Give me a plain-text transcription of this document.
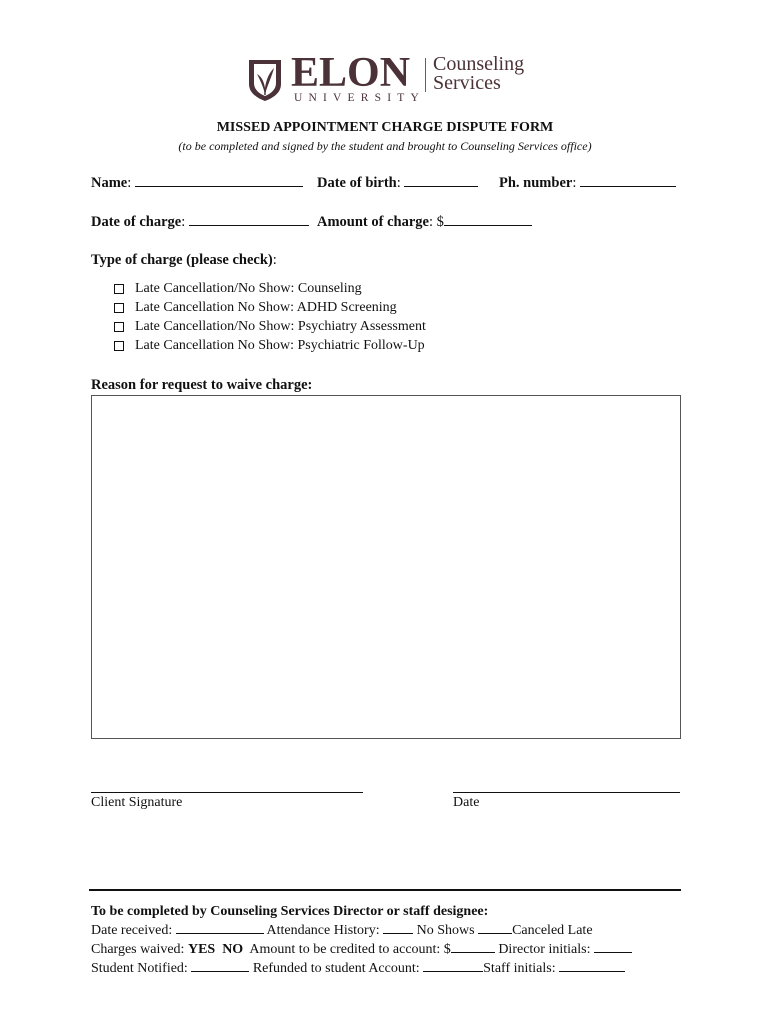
ELON
UNIVERSITY
Counseling
Services
MISSED APPOINTMENT CHARGE DISPUTE FORM
(to be completed and signed by the student and brought to Counseling Services office)
Name:	Date of birth:	Ph. number:
Date of charge:	Amount of charge: $
Type of charge (please check):
Late Cancellation/No Show: Counseling
Late Cancellation No Show: ADHD Screening
Late Cancellation/No Show: Psychiatry Assessment
Late Cancellation No Show: Psychiatric Follow-Up
Reason for request to waive charge:
Client Signature	Date
To be completed by Counseling Services Director or staff designee:
Date received:	Attendance History:	No Shows	Canceled Late
Charges waived: YES NO Amount to be credited to account: $	Director initials:
Student Notified:	Refunded to student Account:	Staff initials:
